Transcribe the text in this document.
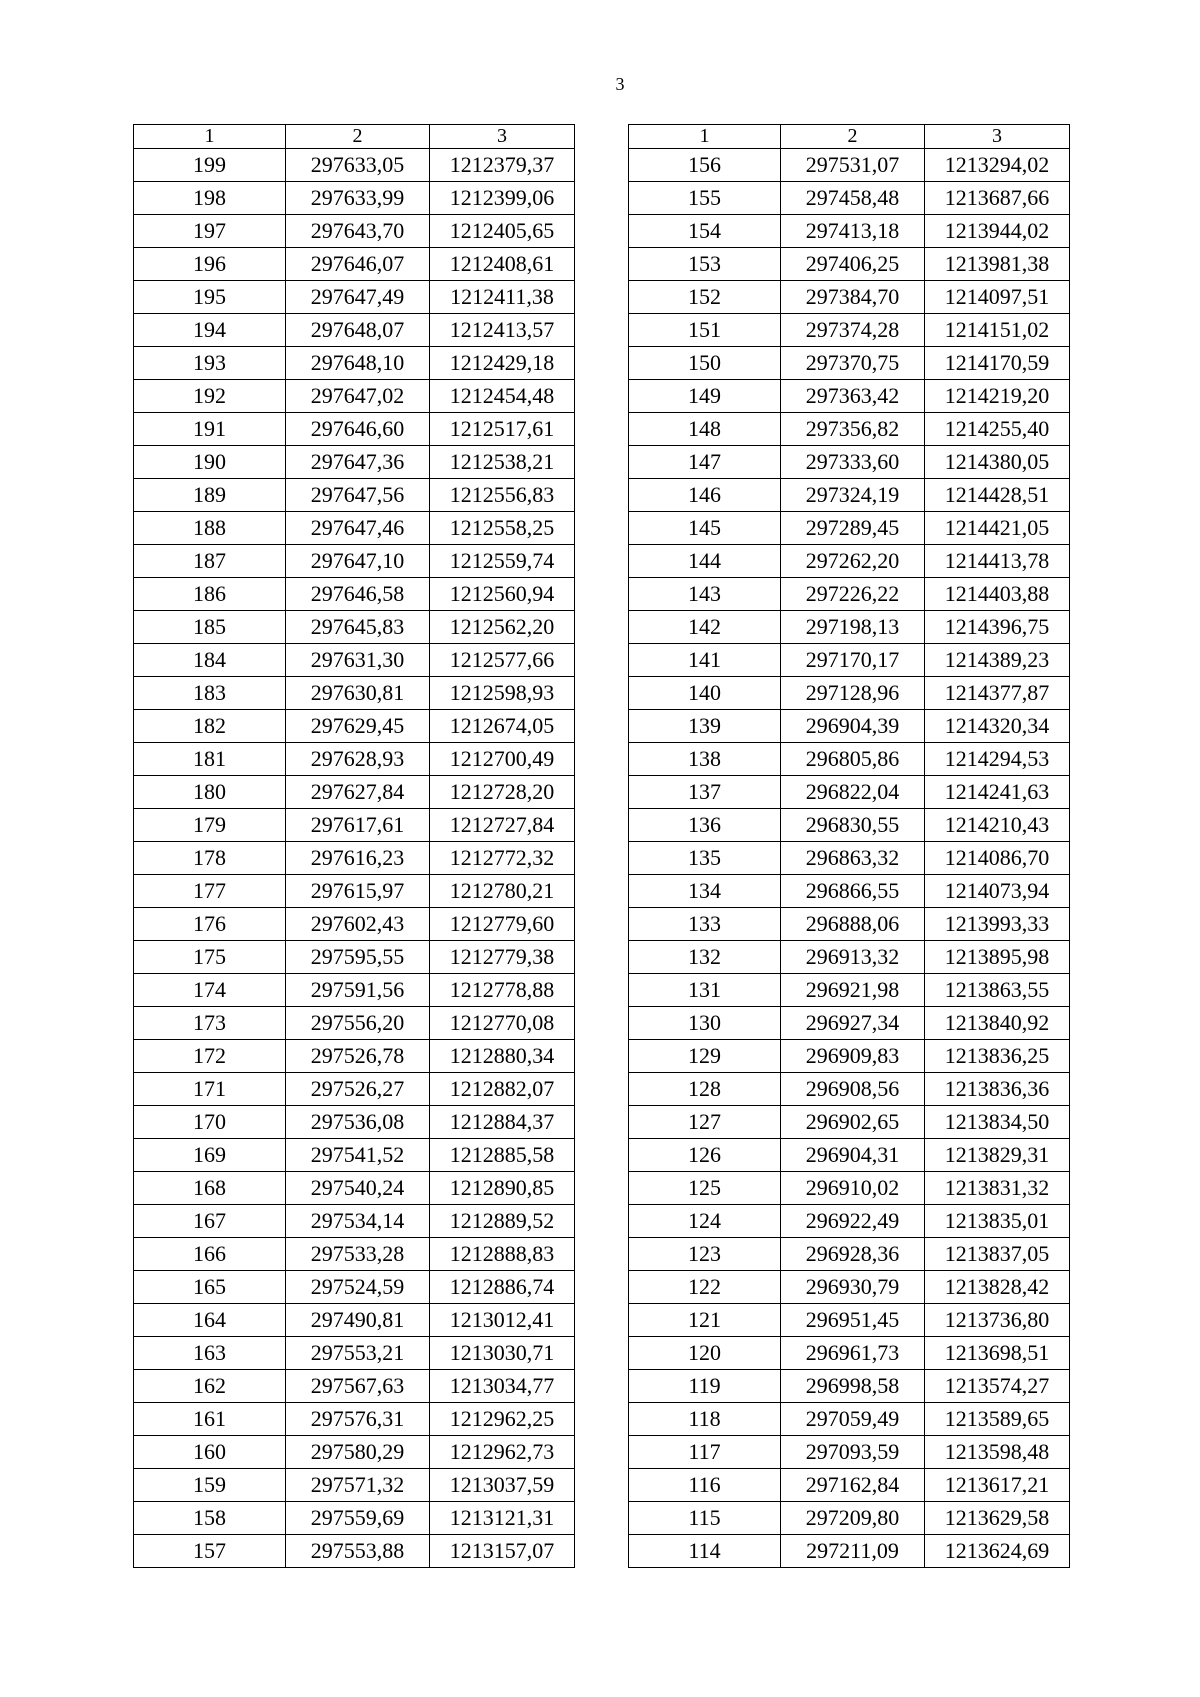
3
1	2	3
199	297633,05	1212379,37
198	297633,99	1212399,06
197	297643,70	1212405,65
196	297646,07	1212408,61
195	297647,49	1212411,38
194	297648,07	1212413,57
193	297648,10	1212429,18
192	297647,02	1212454,48
191	297646,60	1212517,61
190	297647,36	1212538,21
189	297647,56	1212556,83
188	297647,46	1212558,25
187	297647,10	1212559,74
186	297646,58	1212560,94
185	297645,83	1212562,20
184	297631,30	1212577,66
183	297630,81	1212598,93
182	297629,45	1212674,05
181	297628,93	1212700,49
180	297627,84	1212728,20
179	297617,61	1212727,84
178	297616,23	1212772,32
177	297615,97	1212780,21
176	297602,43	1212779,60
175	297595,55	1212779,38
174	297591,56	1212778,88
173	297556,20	1212770,08
172	297526,78	1212880,34
171	297526,27	1212882,07
170	297536,08	1212884,37
169	297541,52	1212885,58
168	297540,24	1212890,85
167	297534,14	1212889,52
166	297533,28	1212888,83
165	297524,59	1212886,74
164	297490,81	1213012,41
163	297553,21	1213030,71
162	297567,63	1213034,77
161	297576,31	1212962,25
160	297580,29	1212962,73
159	297571,32	1213037,59
158	297559,69	1213121,31
157	297553,88	1213157,07
1	2	3
156	297531,07	1213294,02
155	297458,48	1213687,66
154	297413,18	1213944,02
153	297406,25	1213981,38
152	297384,70	1214097,51
151	297374,28	1214151,02
150	297370,75	1214170,59
149	297363,42	1214219,20
148	297356,82	1214255,40
147	297333,60	1214380,05
146	297324,19	1214428,51
145	297289,45	1214421,05
144	297262,20	1214413,78
143	297226,22	1214403,88
142	297198,13	1214396,75
141	297170,17	1214389,23
140	297128,96	1214377,87
139	296904,39	1214320,34
138	296805,86	1214294,53
137	296822,04	1214241,63
136	296830,55	1214210,43
135	296863,32	1214086,70
134	296866,55	1214073,94
133	296888,06	1213993,33
132	296913,32	1213895,98
131	296921,98	1213863,55
130	296927,34	1213840,92
129	296909,83	1213836,25
128	296908,56	1213836,36
127	296902,65	1213834,50
126	296904,31	1213829,31
125	296910,02	1213831,32
124	296922,49	1213835,01
123	296928,36	1213837,05
122	296930,79	1213828,42
121	296951,45	1213736,80
120	296961,73	1213698,51
119	296998,58	1213574,27
118	297059,49	1213589,65
117	297093,59	1213598,48
116	297162,84	1213617,21
115	297209,80	1213629,58
114	297211,09	1213624,69
